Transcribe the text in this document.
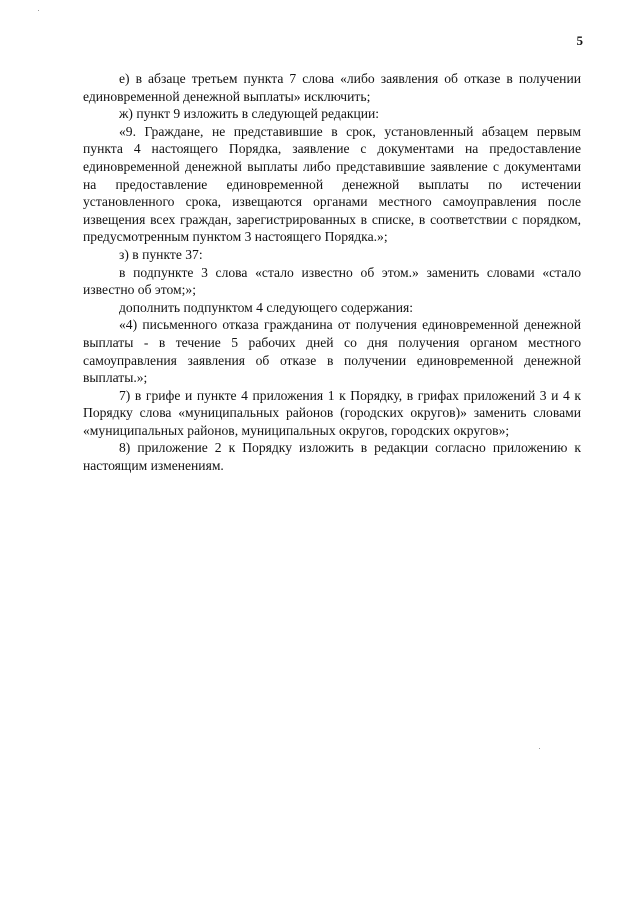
5

е) в абзаце третьем пункта 7 слова «либо заявления об отказе в получении единовременной денежной выплаты» исключить;

ж) пункт 9 изложить в следующей редакции:

«9. Граждане, не представившие в срок, установленный абзацем первым пункта 4 настоящего Порядка, заявление с документами на предоставление единовременной денежной выплаты либо представившие заявление с документами на предоставление единовременной денежной выплаты по истечении установленного срока, извещаются органами местного самоуправления после извещения всех граждан, зарегистрированных в списке, в соответствии с порядком, предусмотренным пунктом 3 настоящего Порядка.»;

з) в пункте 37:

в подпункте 3 слова «стало известно об этом.» заменить словами «стало известно об этом;»;

дополнить подпунктом 4 следующего содержания:

«4) письменного отказа гражданина от получения единовременной денежной выплаты - в течение 5 рабочих дней со дня получения органом местного самоуправления заявления об отказе в получении единовременной денежной выплаты.»;

7) в грифе и пункте 4 приложения 1 к Порядку, в грифах приложений 3 и 4 к Порядку слова «муниципальных районов (городских округов)» заменить словами «муниципальных районов, муниципальных округов, городских округов»;

8) приложение 2 к Порядку изложить в редакции согласно приложению к настоящим изменениям.
